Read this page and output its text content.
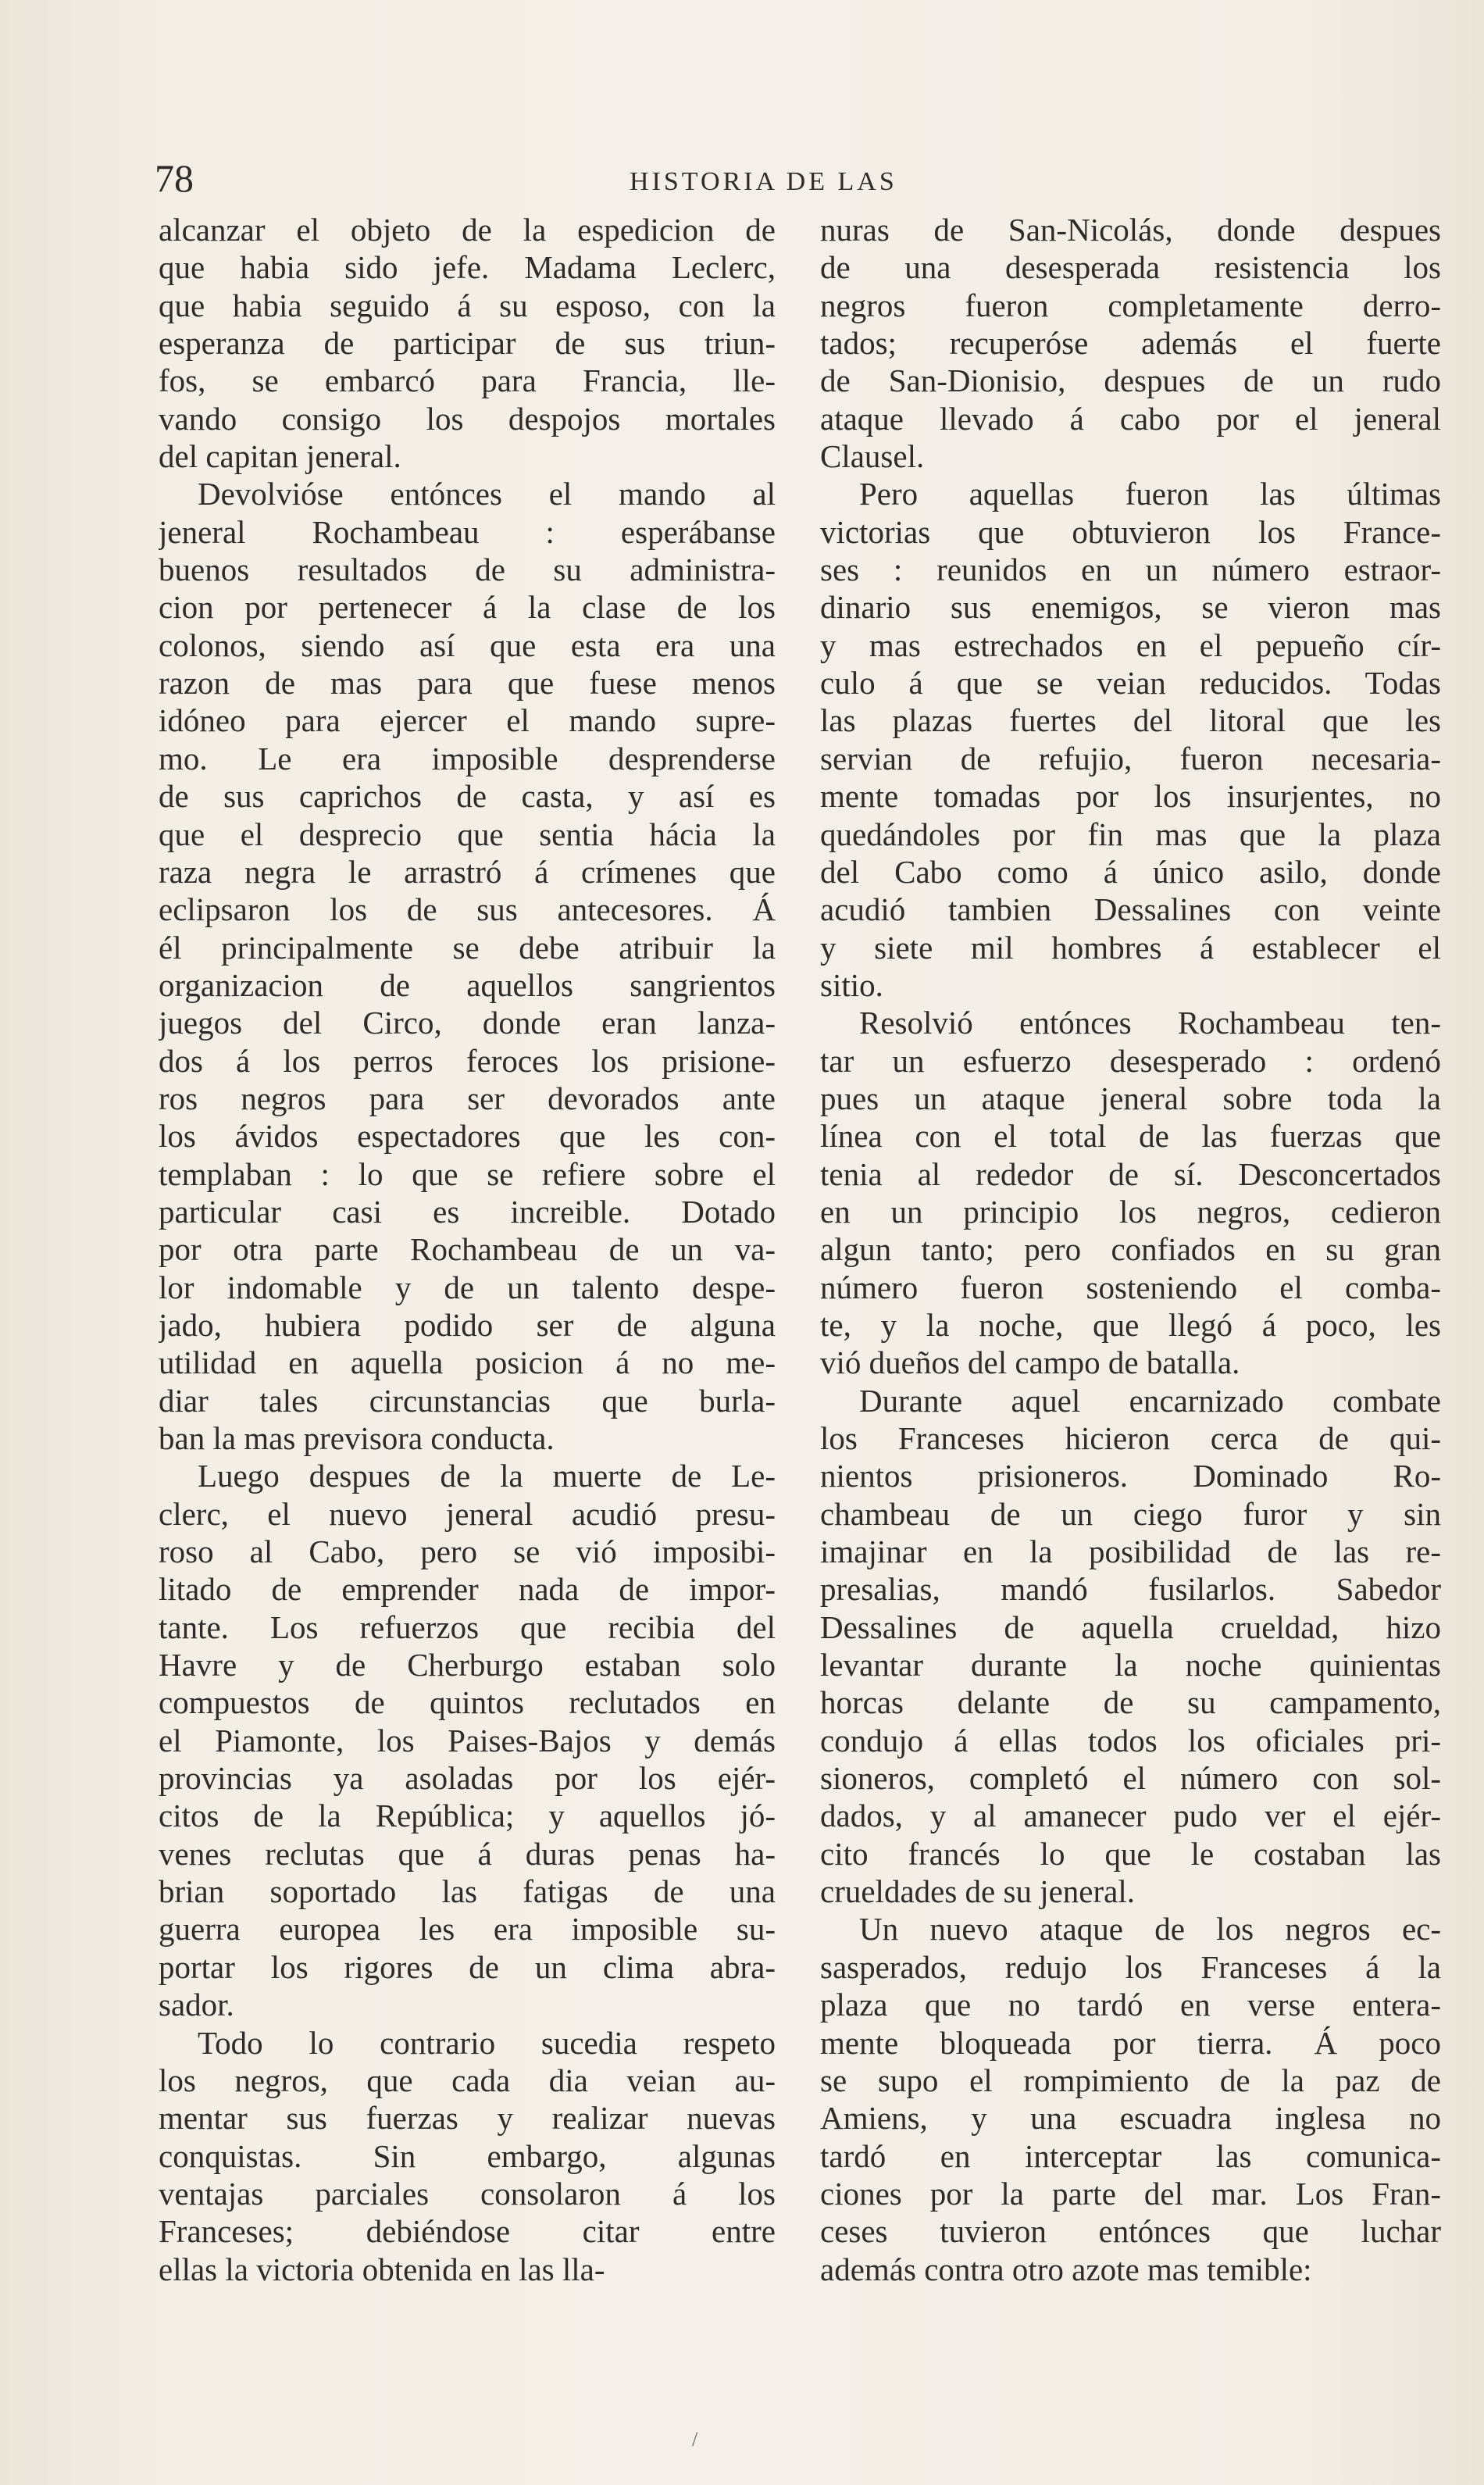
78	HISTORIA DE LAS
alcanzar el objeto de la espedicion de
que habia sido jefe. Madama Leclerc,
que habia seguido á su esposo, con la
esperanza de participar de sus triun-
fos, se embarcó para Francia, lle-
vando consigo los despojos mortales
del capitan jeneral.
Devolvióse entónces el mando al
jeneral Rochambeau : esperábanse
buenos resultados de su administra-
cion por pertenecer á la clase de los
colonos, siendo así que esta era una
razon de mas para que fuese menos
idóneo para ejercer el mando supre-
mo. Le era imposible desprenderse
de sus caprichos de casta, y así es
que el desprecio que sentia hácia la
raza negra le arrastró á crímenes que
eclipsaron los de sus antecesores. Á
él principalmente se debe atribuir la
organizacion de aquellos sangrientos
juegos del Circo, donde eran lanza-
dos á los perros feroces los prisione-
ros negros para ser devorados ante
los ávidos espectadores que les con-
templaban : lo que se refiere sobre el
particular casi es increible. Dotado
por otra parte Rochambeau de un va-
lor indomable y de un talento despe-
jado, hubiera podido ser de alguna
utilidad en aquella posicion á no me-
diar tales circunstancias que burla-
ban la mas previsora conducta.
Luego despues de la muerte de Le-
clerc, el nuevo jeneral acudió presu-
roso al Cabo, pero se vió imposibi-
litado de emprender nada de impor-
tante. Los refuerzos que recibia del
Havre y de Cherburgo estaban solo
compuestos de quintos reclutados en
el Piamonte, los Paises-Bajos y demás
provincias ya asoladas por los ejér-
citos de la República; y aquellos jó-
venes reclutas que á duras penas ha-
brian soportado las fatigas de una
guerra europea les era imposible su-
portar los rigores de un clima abra-
sador.
Todo lo contrario sucedia respeto
los negros, que cada dia veian au-
mentar sus fuerzas y realizar nuevas
conquistas. Sin embargo, algunas
ventajas parciales consolaron á los
Franceses; debiéndose citar entre
ellas la victoria obtenida en las lla-
nuras de San-Nicolás, donde despues
de una desesperada resistencia los
negros fueron completamente derro-
tados; recuperóse además el fuerte
de San-Dionisio, despues de un rudo
ataque llevado á cabo por el jeneral
Clausel.
Pero aquellas fueron las últimas
victorias que obtuvieron los France-
ses : reunidos en un número estraor-
dinario sus enemigos, se vieron mas
y mas estrechados en el pepueño cír-
culo á que se veian reducidos. Todas
las plazas fuertes del litoral que les
servian de refujio, fueron necesaria-
mente tomadas por los insurjentes, no
quedándoles por fin mas que la plaza
del Cabo como á único asilo, donde
acudió tambien Dessalines con veinte
y siete mil hombres á establecer el
sitio.
Resolvió entónces Rochambeau ten-
tar un esfuerzo desesperado : ordenó
pues un ataque jeneral sobre toda la
línea con el total de las fuerzas que
tenia al rededor de sí. Desconcertados
en un principio los negros, cedieron
algun tanto; pero confiados en su gran
número fueron sosteniendo el comba-
te, y la noche, que llegó á poco, les
vió dueños del campo de batalla.
Durante aquel encarnizado combate
los Franceses hicieron cerca de qui-
nientos prisioneros. Dominado Ro-
chambeau de un ciego furor y sin
imajinar en la posibilidad de las re-
presalias, mandó fusilarlos. Sabedor
Dessalines de aquella crueldad, hizo
levantar durante la noche quinientas
horcas delante de su campamento,
condujo á ellas todos los oficiales pri-
sioneros, completó el número con sol-
dados, y al amanecer pudo ver el ejér-
cito francés lo que le costaban las
crueldades de su jeneral.
Un nuevo ataque de los negros ec-
sasperados, redujo los Franceses á la
plaza que no tardó en verse entera-
mente bloqueada por tierra. Á poco
se supo el rompimiento de la paz de
Amiens, y una escuadra inglesa no
tardó en interceptar las comunica-
ciones por la parte del mar. Los Fran-
ceses tuvieron entónces que luchar
además contra otro azote mas temible:
/
